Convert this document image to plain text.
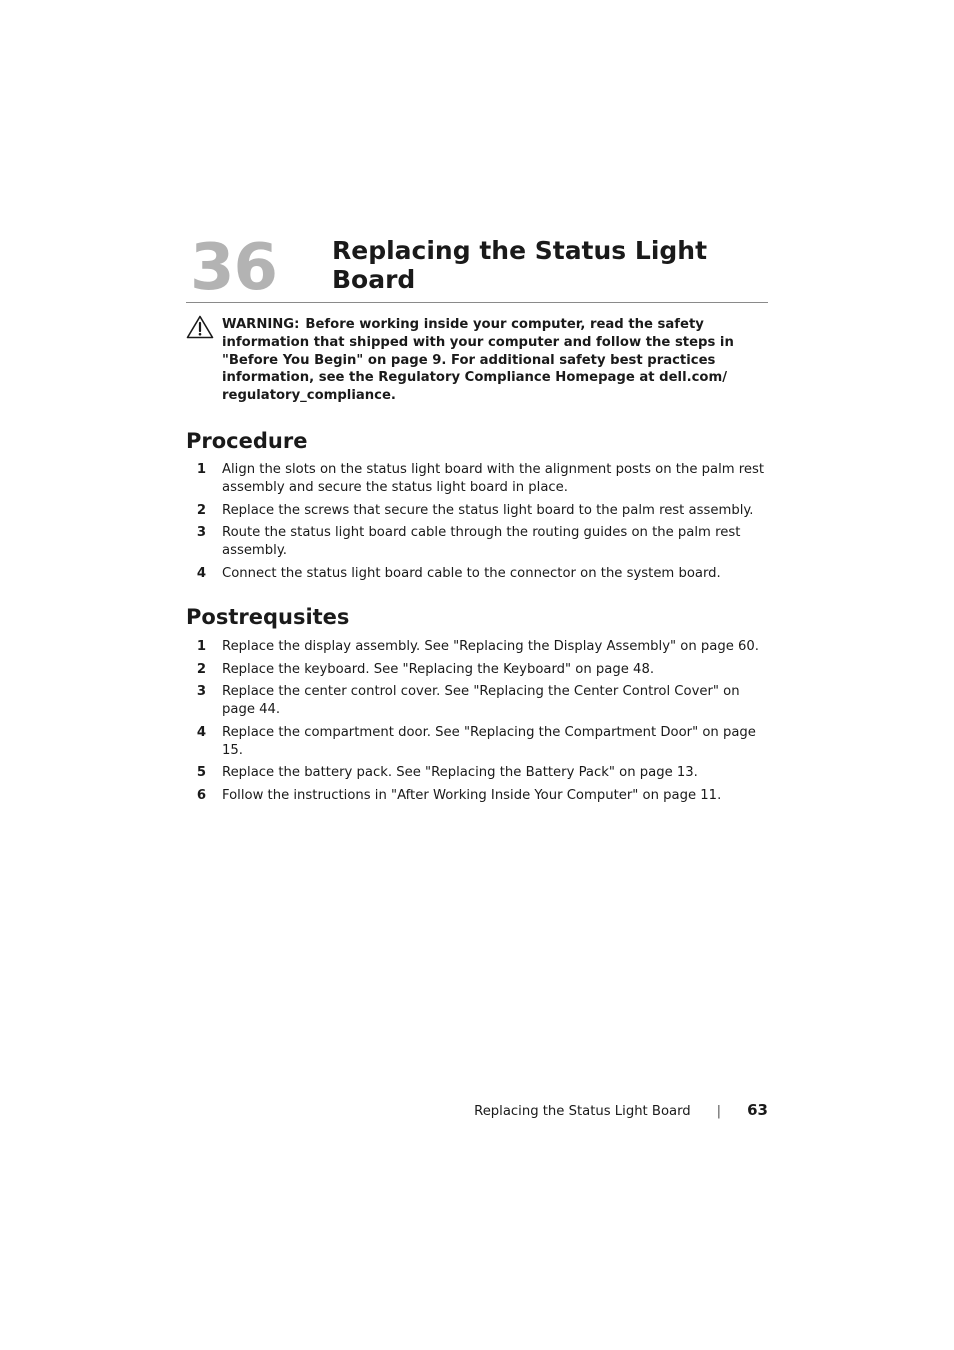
36 Replacing the Status Light Board

WARNING: Before working inside your computer, read the safety information that shipped with your computer and follow the steps in "Before You Begin" on page 9. For additional safety best practices information, see the Regulatory Compliance Homepage at dell.com/ regulatory_compliance.

Procedure
1 Align the slots on the status light board with the alignment posts on the palm rest assembly and secure the status light board in place.
2 Replace the screws that secure the status light board to the palm rest assembly.
3 Route the status light board cable through the routing guides on the palm rest assembly.
4 Connect the status light board cable to the connector on the system board.
Postrequsites
1 Replace the display assembly. See "Replacing the Display Assembly" on page 60.
2 Replace the keyboard. See "Replacing the Keyboard" on page 48.
3 Replace the center control cover. See "Replacing the Center Control Cover" on page 44.
4 Replace the compartment door. See "Replacing the Compartment Door" on page 15.
5 Replace the battery pack. See "Replacing the Battery Pack" on page 13.
6 Follow the instructions in "After Working Inside Your Computer" on page 11.
Replacing the Status Light Board | 63
